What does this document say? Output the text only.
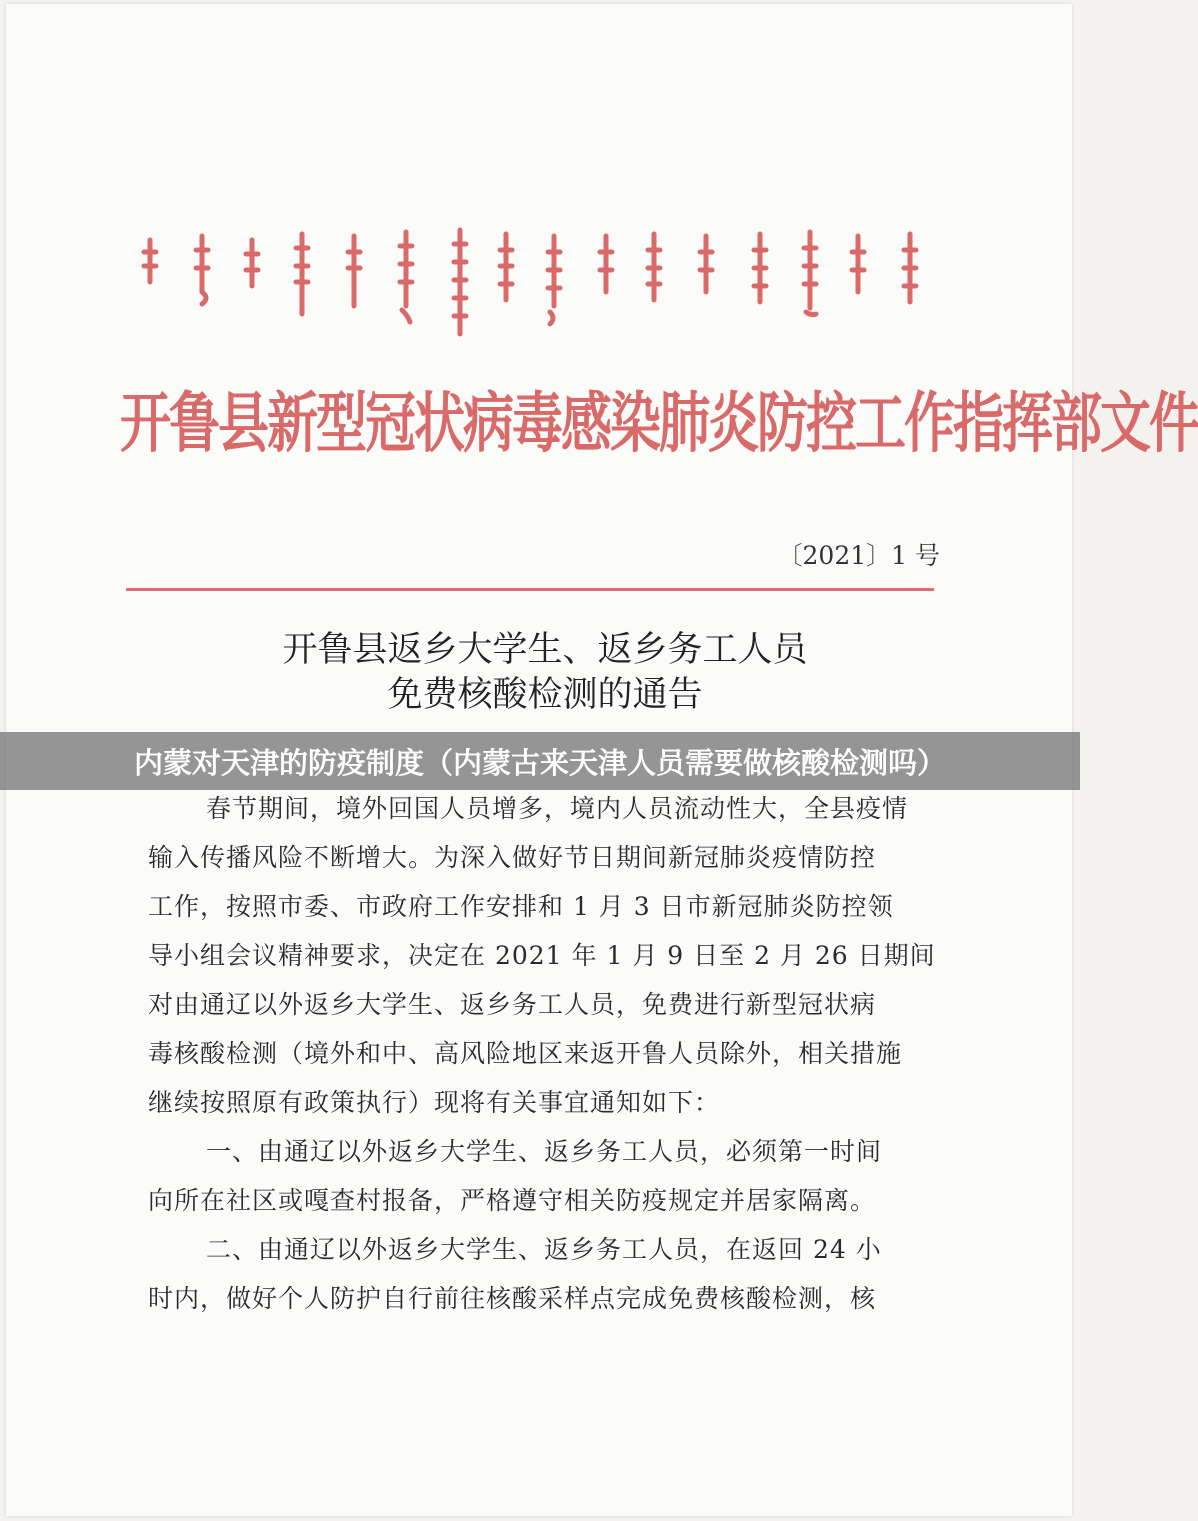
开鲁县新型冠状病毒感染肺炎防控工作指挥部文件
〔2021〕1 号
开鲁县返乡大学生、返乡务工人员
免费核酸检测的通告
内蒙对天津的防疫制度（内蒙古来天津人员需要做核酸检测吗）

春节期间，境外回国人员增多，境内人员流动性大，全县疫情

输入传播风险不断增大。为深入做好节日期间新冠肺炎疫情防控

工作，按照市委、市政府工作安排和 1 月 3 日市新冠肺炎防控领

导小组会议精神要求，决定在 2021 年 1 月 9 日至 2 月 26 日期间

对由通辽以外返乡大学生、返乡务工人员，免费进行新型冠状病

毒核酸检测（境外和中、高风险地区来返开鲁人员除外，相关措施

继续按照原有政策执行）现将有关事宜通知如下：

一、由通辽以外返乡大学生、返乡务工人员，必须第一时间

向所在社区或嘎查村报备，严格遵守相关防疫规定并居家隔离。

二、由通辽以外返乡大学生、返乡务工人员，在返回 24 小

时内，做好个人防护自行前往核酸采样点完成免费核酸检测，核
